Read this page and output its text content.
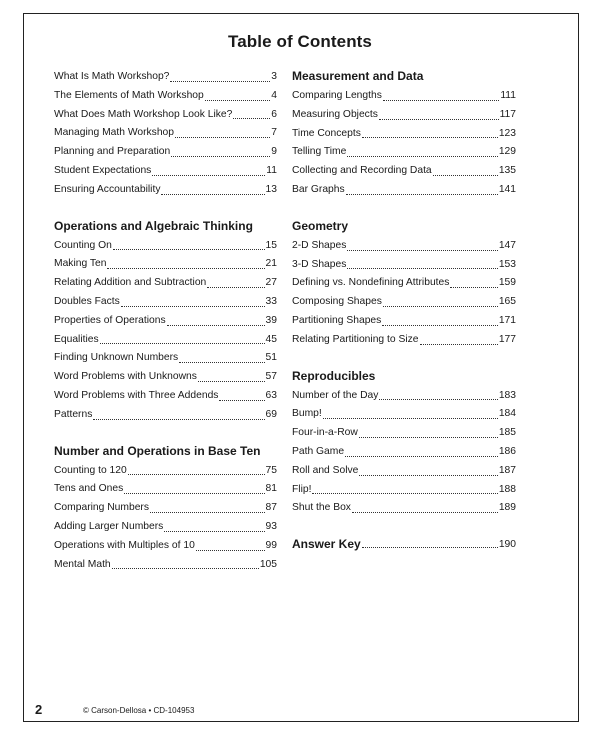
Table of Contents
What Is Math Workshop?	3
The Elements of Math Workshop	4
What Does Math Workshop Look Like?	6
Managing Math Workshop	7
Planning and Preparation	9
Student Expectations	11
Ensuring Accountability	13
Operations and Algebraic Thinking
Counting On	15
Making Ten	21
Relating Addition and Subtraction	27
Doubles Facts	33
Properties of Operations	39
Equalities	45
Finding Unknown Numbers	51
Word Problems with Unknowns	57
Word Problems with Three Addends	63
Patterns	69
Number and Operations in Base Ten
Counting to 120	75
Tens and Ones	81
Comparing Numbers	87
Adding Larger Numbers	93
Operations with Multiples of 10	99
Mental Math	105
Measurement and Data
Comparing Lengths	111
Measuring Objects	117
Time Concepts	123
Telling Time	129
Collecting and Recording Data	135
Bar Graphs	141
Geometry
2-D Shapes	147
3-D Shapes	153
Defining vs. Nondefining Attributes	159
Composing Shapes	165
Partitioning Shapes	171
Relating Partitioning to Size	177
Reproducibles
Number of the Day	183
Bump!	184
Four-in-a-Row	185
Path Game	186
Roll and Solve	187
Flip!	188
Shut the Box	189
Answer Key	190
2	© Carson-Dellosa • CD-104953
